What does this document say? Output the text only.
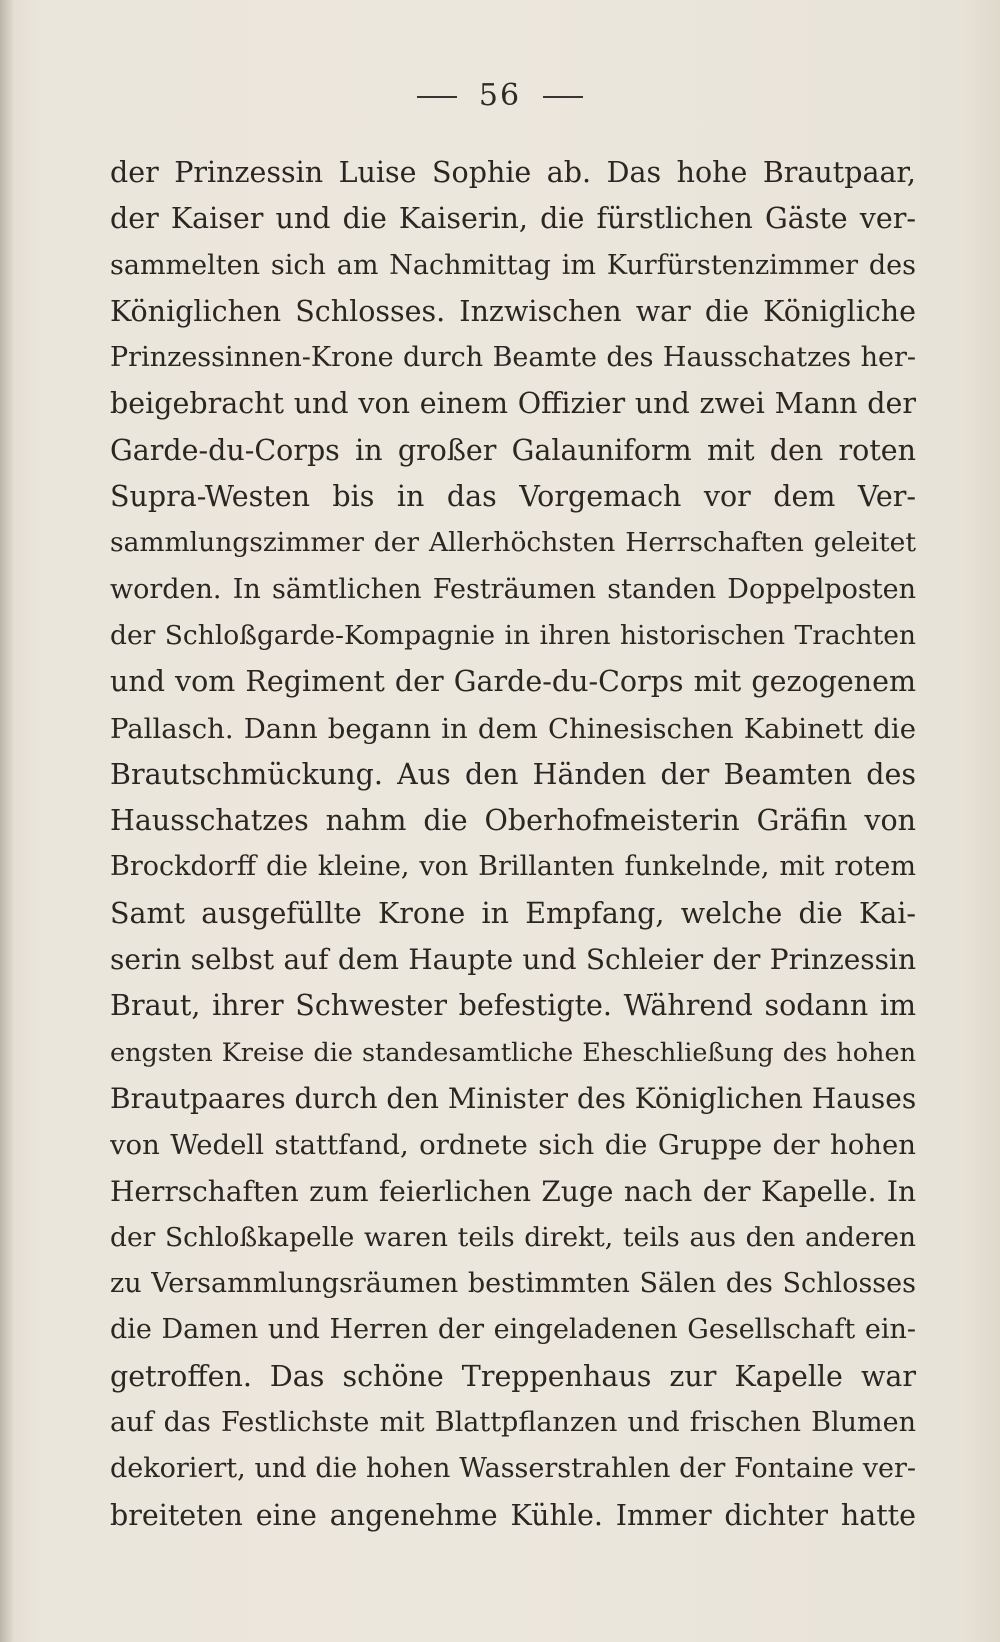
56
der Prinzessin Luise Sophie ab. Das hohe Brautpaar,
der Kaiser und die Kaiserin, die fürstlichen Gäste ver-
sammelten sich am Nachmittag im Kurfürstenzimmer des
Königlichen Schlosses. Inzwischen war die Königliche
Prinzessinnen-Krone durch Beamte des Hausschatzes her-
beigebracht und von einem Offizier und zwei Mann der
Garde-du-Corps in großer Galauniform mit den roten
Supra-Westen bis in das Vorgemach vor dem Ver-
sammlungszimmer der Allerhöchsten Herrschaften geleitet
worden. In sämtlichen Festräumen standen Doppelposten
der Schloßgarde-Kompagnie in ihren historischen Trachten
und vom Regiment der Garde-du-Corps mit gezogenem
Pallasch. Dann begann in dem Chinesischen Kabinett die
Brautschmückung. Aus den Händen der Beamten des
Hausschatzes nahm die Oberhofmeisterin Gräfin von
Brockdorff die kleine, von Brillanten funkelnde, mit rotem
Samt ausgefüllte Krone in Empfang, welche die Kai-
serin selbst auf dem Haupte und Schleier der Prinzessin
Braut, ihrer Schwester befestigte. Während sodann im
engsten Kreise die standesamtliche Eheschließung des hohen
Brautpaares durch den Minister des Königlichen Hauses
von Wedell stattfand, ordnete sich die Gruppe der hohen
Herrschaften zum feierlichen Zuge nach der Kapelle. In
der Schloßkapelle waren teils direkt, teils aus den anderen
zu Versammlungsräumen bestimmten Sälen des Schlosses
die Damen und Herren der eingeladenen Gesellschaft ein-
getroffen. Das schöne Treppenhaus zur Kapelle war
auf das Festlichste mit Blattpflanzen und frischen Blumen
dekoriert, und die hohen Wasserstrahlen der Fontaine ver-
breiteten eine angenehme Kühle. Immer dichter hatte
